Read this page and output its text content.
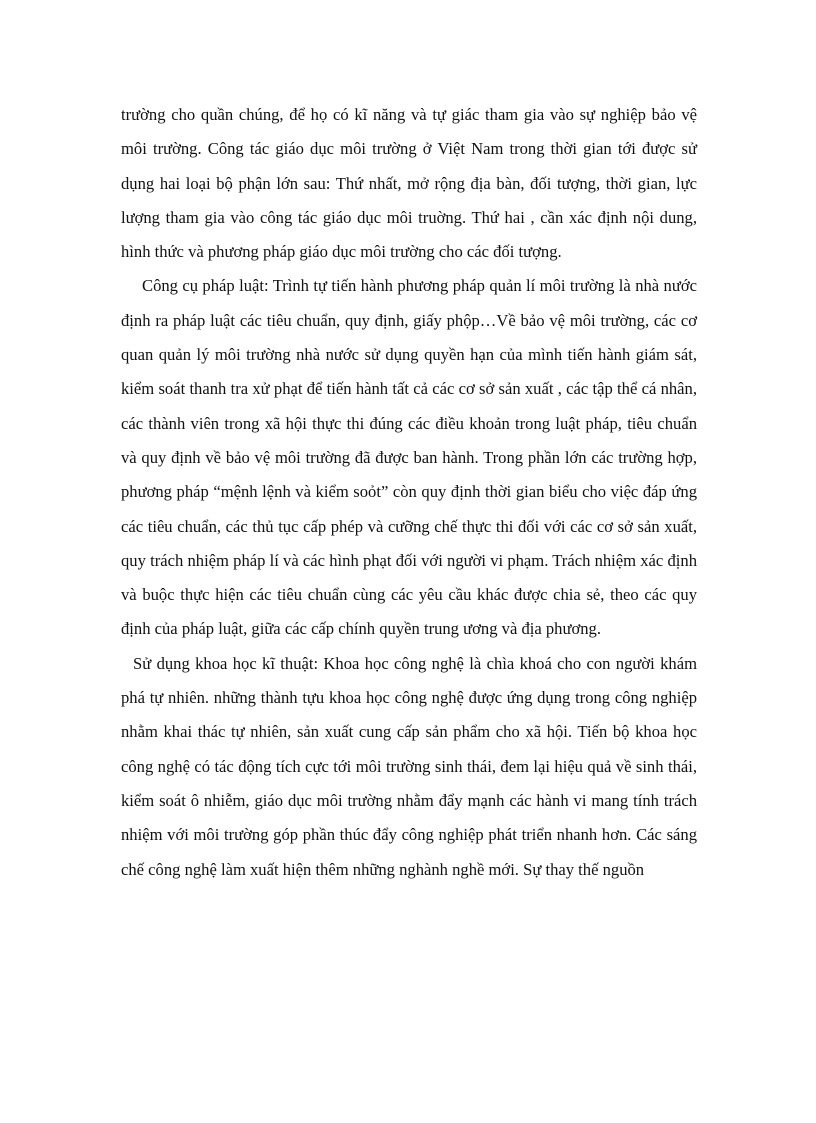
trường cho quần chúng, để họ có kĩ năng và tự giác tham gia vào sự nghiệp bảo vệ môi trường. Công tác giáo dục môi trường ở Việt Nam trong thời gian tới được sử dụng hai loại bộ phận lớn sau: Thứ nhất, mở rộng địa bàn, đối tượng, thời gian, lực lượng tham gia vào công tác giáo dục môi truờng. Thứ hai , cần xác định nội dung, hình thức và phương pháp giáo dục môi trường cho các đối tượng.

Công cụ pháp luật: Trình tự tiến hành phương pháp quản lí môi trường là nhà nước định ra pháp luật các tiêu chuẩn, quy định, giấy phộp…Về bảo vệ môi trường, các cơ quan quản lý môi trường nhà nước sử dụng quyền hạn của mình tiến hành giám sát, kiểm soát thanh tra xử phạt để tiến hành tất cả các cơ sở sản xuất , các tập thể cá nhân, các thành viên trong xã hội thực thi đúng các điều khoản trong luật pháp, tiêu chuẩn và quy định về bảo vệ môi trường đã được ban hành. Trong phần lớn các trường hợp, phương pháp “mệnh lệnh và kiểm soỏt” còn quy định thời gian biểu cho việc đáp ứng các tiêu chuẩn, các thủ tục cấp phép và cưỡng chế thực thi đối với các cơ sở sản xuất, quy trách nhiệm pháp lí và các hình phạt đối với người vi phạm. Trách nhiệm xác định và buộc thực hiện các tiêu chuẩn cùng các yêu cầu khác được chia sẻ, theo các quy định của pháp luật, giữa các cấp chính quyền trung ương và địa phương.

Sử dụng khoa học kĩ thuật: Khoa học công nghệ là chìa khoá cho con người khám phá tự nhiên. những thành tựu khoa học công nghệ được ứng dụng trong công nghiệp nhằm khai thác tự nhiên, sản xuất cung cấp sản phẩm cho xã hội. Tiến bộ khoa học công nghệ có tác động tích cực tới môi trường sinh thái, đem lại hiệu quả về sinh thái, kiểm soát ô nhiễm, giáo dục môi trường nhằm đẩy mạnh các hành vi mang tính trách nhiệm với môi trường góp phần thúc đẩy công nghiệp phát triển nhanh hơn. Các sáng chế công nghệ làm xuất hiện thêm những nghành nghề mới. Sự thay thế nguồn
